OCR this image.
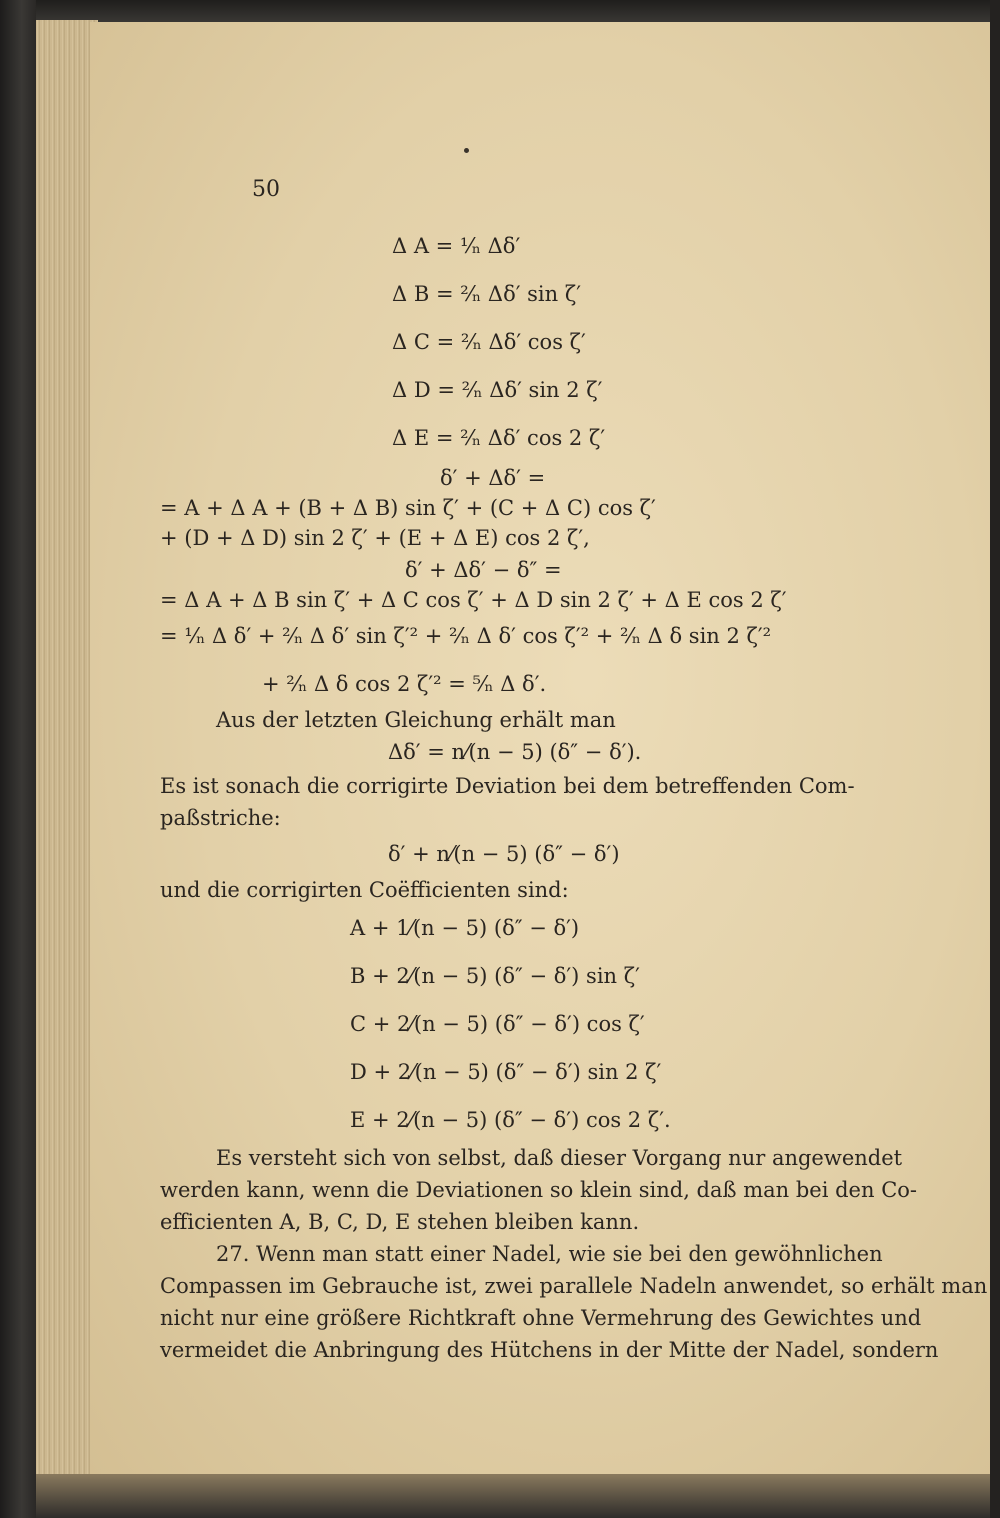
50
Δ A = ¹⁄ₙ Δδ′
Δ B = ²⁄ₙ Δδ′ sin ζ′
Δ C = ²⁄ₙ Δδ′ cos ζ′
Δ D = ²⁄ₙ Δδ′ sin 2 ζ′
Δ E = ²⁄ₙ Δδ′ cos 2 ζ′
δ′ + Δδ′ =
= A + Δ A + (B + Δ B) sin ζ′ + (C + Δ C) cos ζ′
+ (D + Δ D) sin 2 ζ′ + (E + Δ E) cos 2 ζ′,
δ′ + Δδ′ − δ″ =
= Δ A + Δ B sin ζ′ + Δ C cos ζ′ + Δ D sin 2 ζ′ + Δ E cos 2 ζ′
= ¹⁄ₙ Δ δ′ + ²⁄ₙ Δ δ′ sin ζ′² + ²⁄ₙ Δ δ′ cos ζ′² + ²⁄ₙ Δ δ sin 2 ζ′²
+ ²⁄ₙ Δ δ cos 2 ζ′² = ⁵⁄ₙ Δ δ′.
Aus der letzten Gleichung erhält man
Δδ′ = n⁄(n − 5) (δ″ − δ′).
Es ist sonach die corrigirte Deviation bei dem betreffenden Com-
paßstriche:
δ′ + n⁄(n − 5) (δ″ − δ′)
und die corrigirten Coëfficienten sind:
A + 1⁄(n − 5) (δ″ − δ′)
B + 2⁄(n − 5) (δ″ − δ′) sin ζ′
C + 2⁄(n − 5) (δ″ − δ′) cos ζ′
D + 2⁄(n − 5) (δ″ − δ′) sin 2 ζ′
E + 2⁄(n − 5) (δ″ − δ′) cos 2 ζ′.
Es versteht sich von selbst, daß dieser Vorgang nur angewendet
werden kann, wenn die Deviationen so klein sind, daß man bei den Co-
efficienten A, B, C, D, E stehen bleiben kann.
27. Wenn man statt einer Nadel, wie sie bei den gewöhnlichen
Compassen im Gebrauche ist, zwei parallele Nadeln anwendet, so erhält man
nicht nur eine größere Richtkraft ohne Vermehrung des Gewichtes und
vermeidet die Anbringung des Hütchens in der Mitte der Nadel, sondern
